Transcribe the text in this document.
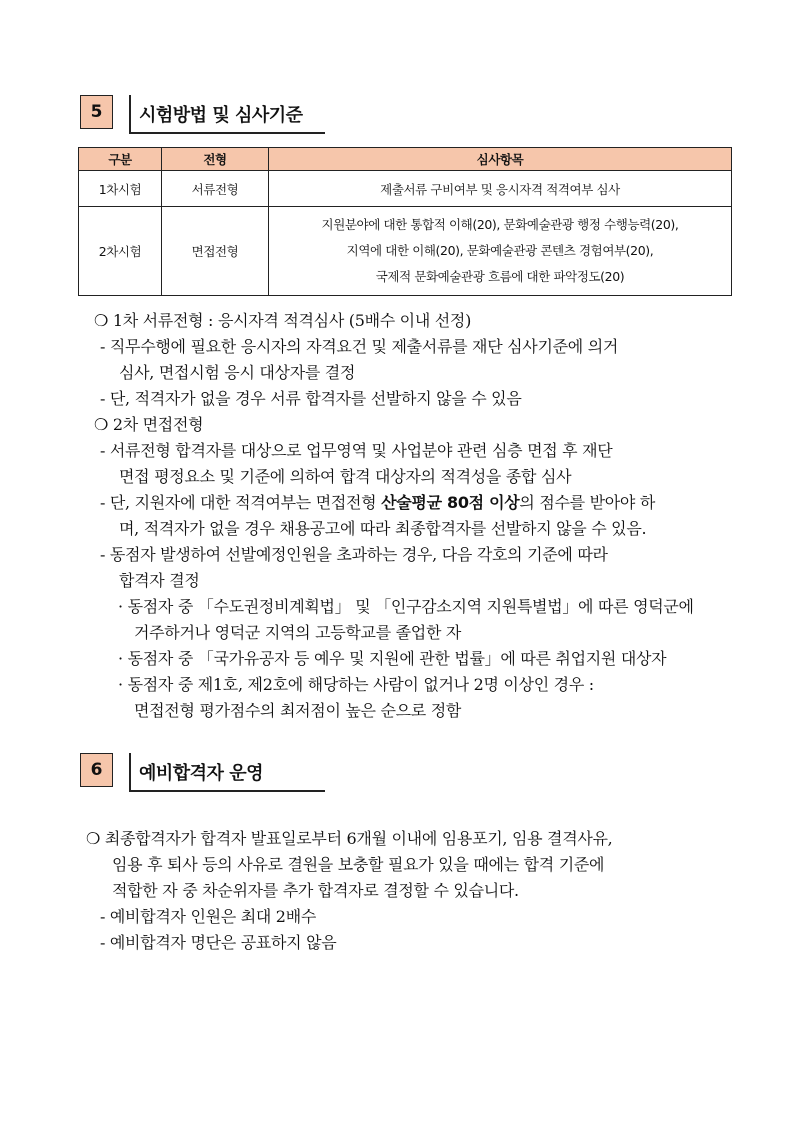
5	시험방법 및 심사기준
구분	전형	심사항목
1차시험	서류전형	제출서류 구비여부 및 응시자격 적격여부 심사
2차시험	면접전형	지원분야에 대한 통합적 이해(20), 문화예술관광 행정 수행능력(20),
지역에 대한 이해(20), 문화예술관광 콘텐츠 경험여부(20),
국제적 문화예술관광 흐름에 대한 파악정도(20)
❍ 1차 서류전형 : 응시자격 적격심사 (5배수 이내 선정)
- 직무수행에 필요한 응시자의 자격요건 및 제출서류를 재단 심사기준에 의거
심사, 면접시험 응시 대상자를 결정
- 단, 적격자가 없을 경우 서류 합격자를 선발하지 않을 수 있음
❍ 2차 면접전형
- 서류전형 합격자를 대상으로 업무영역 및 사업분야 관련 심층 면접 후 재단
면접 평정요소 및 기준에 의하여 합격 대상자의 적격성을 종합 심사
- 단, 지원자에 대한 적격여부는 면접전형 산술평균 80점 이상의 점수를 받아야 하
며, 적격자가 없을 경우 채용공고에 따라 최종합격자를 선발하지 않을 수 있음.
- 동점자 발생하여 선발예정인원을 초과하는 경우, 다음 각호의 기준에 따라
합격자 결정
· 동점자 중 「수도권정비계획법」 및 「인구감소지역 지원특별법」에 따른 영덕군에
거주하거나 영덕군 지역의 고등학교를 졸업한 자
· 동점자 중 「국가유공자 등 예우 및 지원에 관한 법률」에 따른 취업지원 대상자
· 동점자 중 제1호, 제2호에 해당하는 사람이 없거나 2명 이상인 경우 :
면접전형 평가점수의 최저점이 높은 순으로 정함
6	예비합격자 운영
❍ 최종합격자가 합격자 발표일로부터 6개월 이내에 임용포기, 임용 결격사유,
임용 후 퇴사 등의 사유로 결원을 보충할 필요가 있을 때에는 합격 기준에
적합한 자 중 차순위자를 추가 합격자로 결정할 수 있습니다.
- 예비합격자 인원은 최대 2배수
- 예비합격자 명단은 공표하지 않음
